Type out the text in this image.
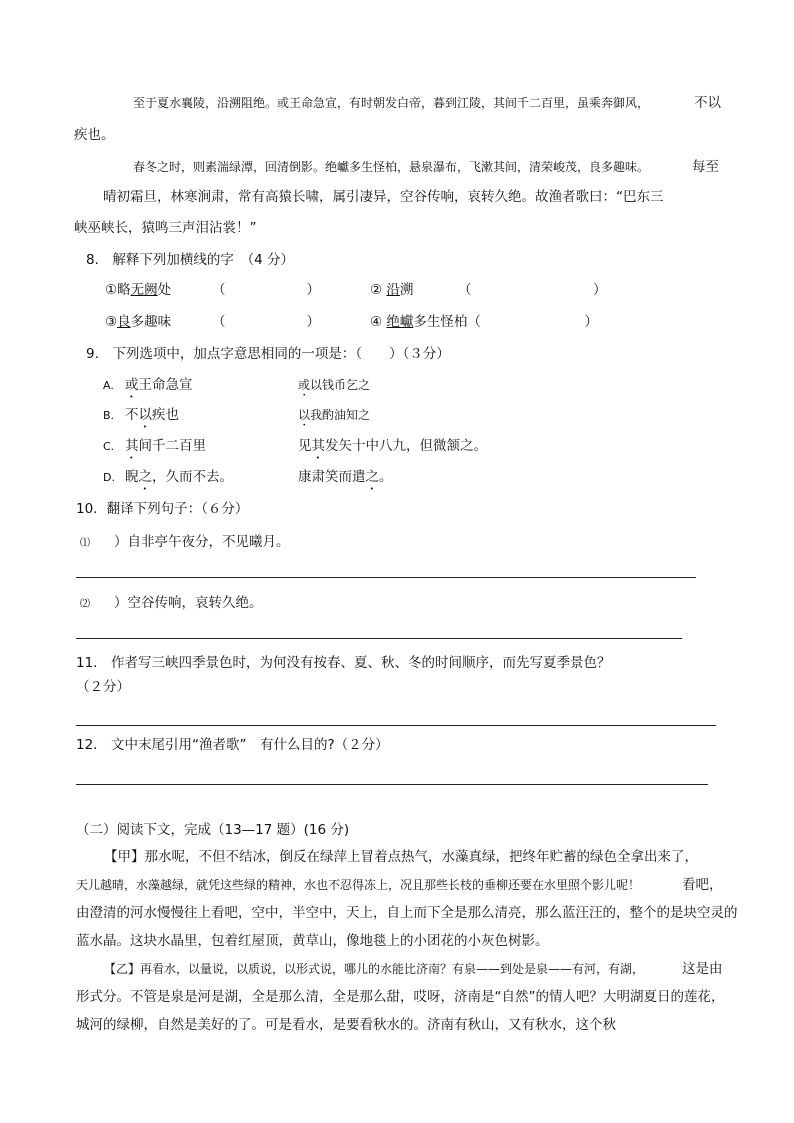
至于夏水襄陵，沿溯阻绝。或王命急宣，有时朝发白帝，暮到江陵，其间千二百里，虽乘奔御风，	不以
疾也。
春冬之时，则素湍绿潭，回清倒影。绝巘多生怪柏，悬泉瀑布，飞漱其间，清荣峻茂，良多趣味。	每至
晴初霜旦，林寒涧肃，常有高猿长啸，属引凄异，空谷传响，哀转久绝。故渔者歌曰：“巴东三
峡巫峡长，猿鸣三声泪沾裳！”
8.　解释下列加横线的字　（4 分）
①略无阙处	（　　　　　　）	② 沿溯	（　　　　　　　　　）
③良多趣味	（　　　　　　）	④ 绝巘多生怪柏（ 　　　　　　　）
9.　下列选项中，加点字意思相同的一项是：（　　）（３分）
A. 或王命急宣	或以钱币乞之
B. 不以疾也	以我酌油知之
C. 其间千二百里	见其发矢十中八九，但微颔之。
D. 睨之，久而不去。	康肃笑而遣之。
10．翻译下列句子：（６分）
⑴ ）自非亭午夜分，不见曦月。
⑵ ）空谷传响，哀转久绝。
11.　作者写三峡四季景色时，为何没有按春、夏、秋、冬的时间顺序，而先写夏季景色？
（２分）
12.　文中末尾引用“渔者歌”　有什么目的?（２分）
（二）阅读下文，完成（13—17 题）(16 分)
【甲】那水呢，不但不结冰，倒反在绿萍上冒着点热气，水藻真绿，把终年贮蓄的绿色全拿出来了，
天儿越晴，水藻越绿，就凭这些绿的精神，水也不忍得冻上，况且那些长枝的垂柳还要在水里照个影儿呢！	看吧，
由澄清的河水慢慢往上看吧，空中，半空中，天上，自上而下全是那么清亮，那么蓝汪汪的，整个的是块空灵的
蓝水晶。这块水晶里，包着红屋顶，黄草山，像地毯上的小团花的小灰色树影。
【乙】再看水，以量说，以质说，以形式说，哪儿的水能比济南？有泉——到处是泉——有河，有湖，	这是由
形式分。不管是泉是河是湖，全是那么清，全是那么甜，哎呀，济南是“自然”的情人吧？大明湖夏日的莲花，
城河的绿柳，自然是美好的了。可是看水，是要看秋水的。济南有秋山，又有秋水，这个秋
